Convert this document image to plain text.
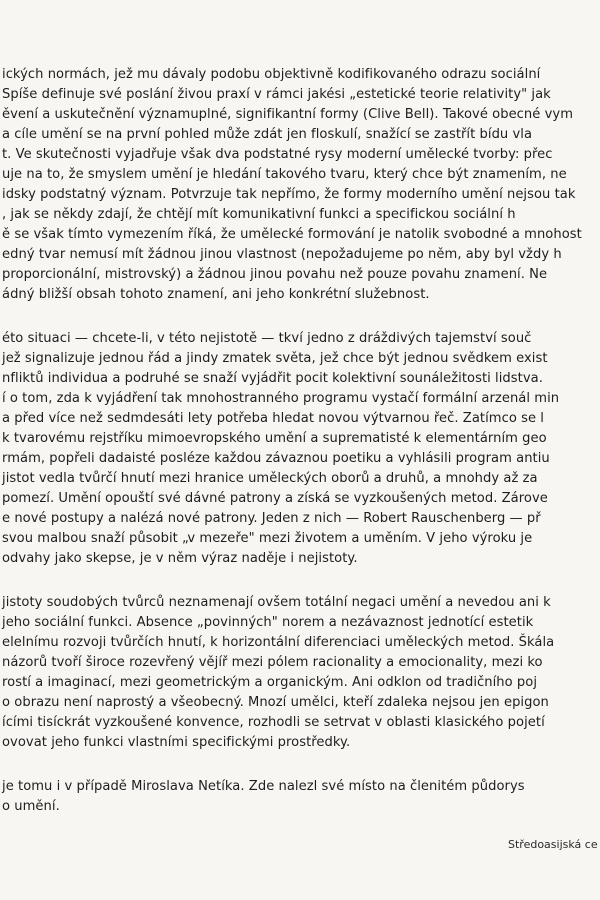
ických normách, jež mu dávaly podobu objektivně kodifikovaného odrazu sociální
Spíše definuje své poslání živou praxí v rámci jakési „estetické teorie relativity" jak
ěvení a uskutečnění významuplné, signifikantní formy (Clive Bell). Takové obecné vym
a cíle umění se na první pohled může zdát jen floskulí, snažící se zastřít bídu vla
t. Ve skutečnosti vyjadřuje však dva podstatné rysy moderní umělecké tvorby: přec
uje na to, že smyslem umění je hledání takového tvaru, který chce být znamením, ne
idsky podstatný význam. Potvrzuje tak nepřímo, že formy moderního umění nejsou tak
, jak se někdy zdají, že chtějí mít komunikativní funkci a specifickou sociální h
ě se však tímto vymezením říká, že umělecké formování je natolik svobodné a mnohost
edný tvar nemusí mít žádnou jinou vlastnost (nepožadujeme po něm, aby byl vždy h
proporcionální, mistrovský) a žádnou jinou povahu než pouze povahu znamení. Ne
ádný bližší obsah tohoto znamení, ani jeho konkrétní služebnost.
éto situaci — chcete-li, v této nejistotě — tkví jedno z dráždivých tajemství souč
jež signalizuje jednou řád a jindy zmatek světa, jež chce být jednou svědkem exist
nfliktů individua a podruhé se snaží vyjádřit pocit kolektivní sounáležitosti lidstva.
í o tom, zda k vyjádření tak mnohostranného programu vystačí formální arzenál min
a před více než sedmdesáti lety potřeba hledat novou výtvarnou řeč. Zatímco se l
k tvarovému rejstříku mimoevropského umění a suprematisté k elementárním geo
rmám, popřeli dadaisté posléze každou závaznou poetiku a vyhlásili program antiu
jistot vedla tvůrčí hnutí mezi hranice uměleckých oborů a druhů, a mnohdy až za
pomezí. Umění opouští své dávné patrony a získá se vyzkoušených metod. Zárove
e nové postupy a nalézá nové patrony. Jeden z nich — Robert Rauschenberg — př
svou malbou snaží působit „v mezeře" mezi životem a uměním. V jeho výroku je
odvahy jako skepse, je v něm výraz naděje i nejistoty.
jistoty soudobých tvůrců neznamenají ovšem totální negaci umění a nevedou ani k
jeho sociální funkci. Absence „povinných" norem a nezávaznost jednotící estetik
elelnímu rozvoji tvůrčích hnutí, k horizontální diferenciaci uměleckých metod. Škála
názorů tvoří široce rozevřený vějíř mezi pólem racionality a emocionality, mezi ko
rostí a imaginací, mezi geometrickým a organickým. Ani odklon od tradičního poj
o obrazu není naprostý a všeobecný. Mnozí umělci, kteří zdaleka nejsou jen epigon
ícími tisíckrát vyzkoušené konvence, rozhodli se setrvat v oblasti klasického pojetí
ovovat jeho funkci vlastními specifickými prostředky.
je tomu i v případě Miroslava Netíka. Zde nalezl své místo na členitém půdorys
o umění.
Středoasijská ce
